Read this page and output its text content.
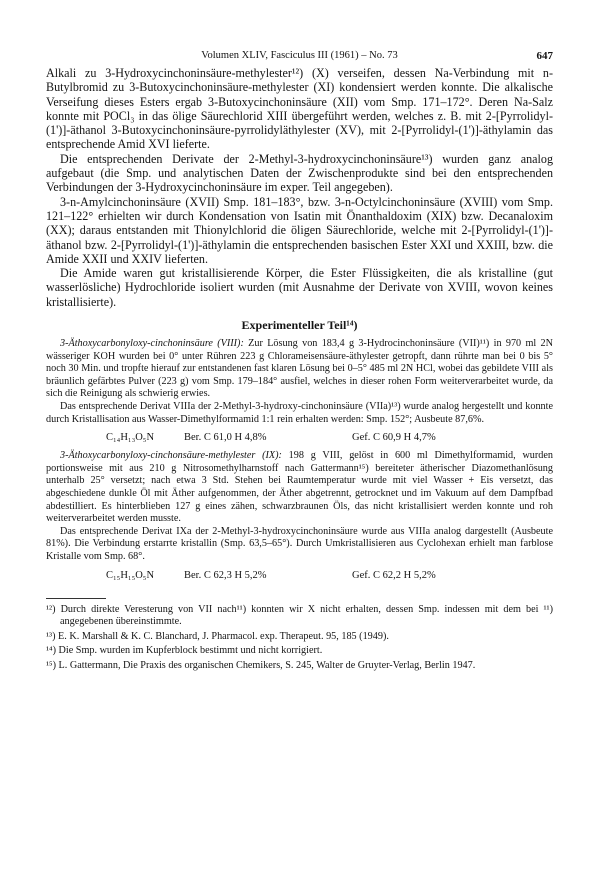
Volumen XLIV, Fasciculus III (1961) – No. 73	647

Alkali zu 3-Hydroxycinchoninsäure-methylester¹²) (X) verseifen, dessen Na-Verbindung mit n-Butylbromid zu 3-Butoxycinchoninsäure-methylester (XI) kondensiert werden konnte. Die alkalische Verseifung dieses Esters ergab 3-Butoxycinchoninsäure (XII) vom Smp. 171–172°. Deren Na-Salz konnte mit POCl₃ in das ölige Säurechlorid XIII übergeführt werden, welches z. B. mit 2-[Pyrrolidyl-(1')]-äthanol 3-Butoxycinchoninsäure-pyrrolidyläthylester (XV), mit 2-[Pyrrolidyl-(1')]-äthylamin das entsprechende Amid XVI lieferte.

Die entsprechenden Derivate der 2-Methyl-3-hydroxycinchoninsäure¹³) wurden ganz analog aufgebaut (die Smp. und analytischen Daten der Zwischenprodukte sind bei den entsprechenden Verbindungen der 3-Hydroxycinchoninsäure im exper. Teil angegeben).

3-n-Amylcinchoninsäure (XVII) Smp. 181–183°, bzw. 3-n-Octylcinchoninsäure (XVIII) vom Smp. 121–122° erhielten wir durch Kondensation von Isatin mit Önanthaldoxim (XIX) bzw. Decanaloxim (XX); daraus entstanden mit Thionylchlorid die öligen Säurechloride, welche mit 2-[Pyrrolidyl-(1')]-äthanol bzw. 2-[Pyrrolidyl-(1')]-äthylamin die entsprechenden basischen Ester XXI und XXIII, bzw. die Amide XXII und XXIV lieferten.

Die Amide waren gut kristallisierende Körper, die Ester Flüssigkeiten, die als kristalline (gut wasserlösliche) Hydrochloride isoliert wurden (mit Ausnahme der Derivate von XVIII, wovon keines kristallisierte).

Experimenteller Teil¹⁴)

3-Äthoxycarbonyloxy-cinchoninsäure (VIII): Zur Lösung von 183,4 g 3-Hydrocinchoninsäure (VII)¹¹) in 970 ml 2N wässeriger KOH wurden bei 0° unter Rühren 223 g Chlorameisensäure-äthylester getropft, dann rührte man bei 0 bis 5° noch 30 Min. und tropfte hierauf zur entstandenen fast klaren Lösung bei 0–5° 485 ml 2N HCl, wobei das gebildete VIII als bräunlich gefärbtes Pulver (223 g) vom Smp. 179–184° ausfiel, welches in dieser rohen Form weiterverarbeitet wurde, da sich die Reinigung als schwierig erwies.

Das entsprechende Derivat VIIIa der 2-Methyl-3-hydroxy-cinchoninsäure (VIIa)¹³) wurde analog hergestellt und konnte durch Kristallisation aus Wasser-Dimethylformamid 1:1 rein erhalten werden: Smp. 152°; Ausbeute 87,6%.

C₁₄H₁₃O₅N	Ber. C 61,0 H 4,8%	Gef. C 60,9 H 4,7%

3-Äthoxycarbonyloxy-cinchonsäure-methylester (IX): 198 g VIII, gelöst in 600 ml Dimethylformamid, wurden portionsweise mit aus 210 g Nitrosomethylharnstoff nach Gattermann¹⁵) bereiteter ätherischer Diazomethanlösung unterhalb 25° versetzt; nach etwa 3 Std. Stehen bei Raumtemperatur wurde mit viel Wasser + Eis versetzt, das abgeschiedene dunkle Öl mit Äther aufgenommen, der Äther abgetrennt, getrocknet und im Vakuum auf dem Dampfbad abdestilliert. Es hinterblieben 127 g eines zähen, schwarzbraunen Öls, das nicht kristallisiert werden konnte und roh weiterverarbeitet werden musste.

Das entsprechende Derivat IXa der 2-Methyl-3-hydroxycinchoninsäure wurde aus VIIIa analog dargestellt (Ausbeute 81%). Die Verbindung erstarrte kristallin (Smp. 63,5–65°). Durch Umkristallisieren aus Cyclohexan erhielt man farblose Kristalle vom Smp. 68°.

C₁₅H₁₅O₅N	Ber. C 62,3 H 5,2%	Gef. C 62,2 H 5,2%

¹²) Durch direkte Veresterung von VII nach¹¹) konnten wir X nicht erhalten, dessen Smp. indessen mit dem bei ¹¹) angegebenen übereinstimmte.

¹³) E. K. Marshall & K. C. Blanchard, J. Pharmacol. exp. Therapeut. 95, 185 (1949).

¹⁴) Die Smp. wurden im Kupferblock bestimmt und nicht korrigiert.

¹⁵) L. Gattermann, Die Praxis des organischen Chemikers, S. 245, Walter de Gruyter-Verlag, Berlin 1947.
